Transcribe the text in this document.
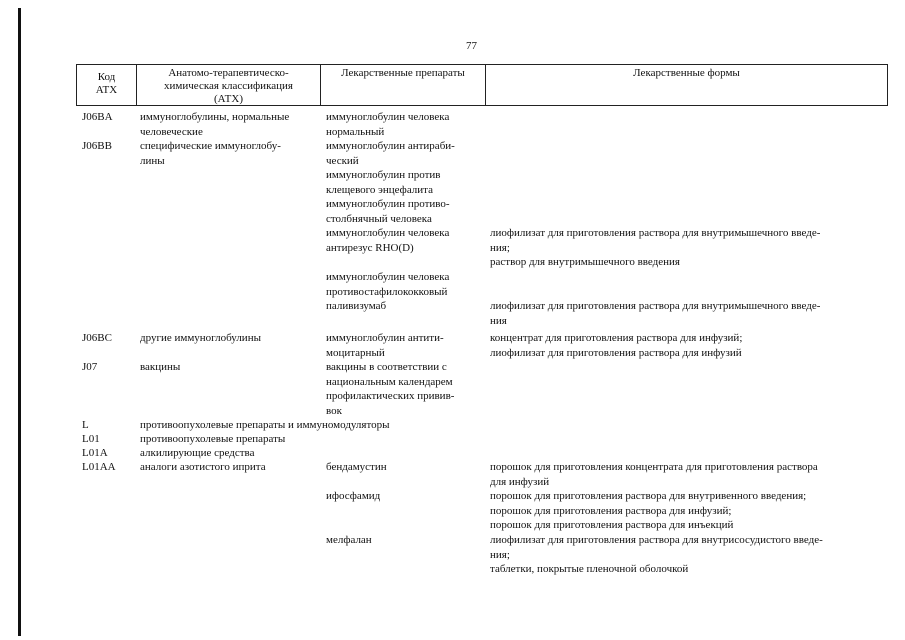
77
Код
ATX
Анатомо-терапевтическо-
химическая классификация
(АТХ)
Лекарственные препараты	Лекарственные формы
J06BA
J06BB
J06BC
J07
L
L01
L01A
L01AA
иммуноглобулины, нормальные
человеческие
специфические иммуноглобу-
лины
другие иммуноглобулины
вакцины
противоопухолевые препараты и иммуномодуляторы
противоопухолевые препараты
алкилирующие средства
аналоги азотистого иприта
иммуноглобулин человека
нормальный
иммуноглобулин антираби-
ческий
иммуноглобулин против
клещевого энцефалита
иммуноглобулин противо-
столбнячный человека
иммуноглобулин человека
антирезус RHO(D)
иммуноглобулин человека
противостафилококковый
паливизумаб
иммуноглобулин антити-
моцитарный
вакцины в соответствии с
национальным календарем
профилактических привив-
вок
бендамустин
ифосфамид
мелфалан
лиофилизат для приготовления раствора для внутримышечного введе-
ния;
раствор для внутримышечного введения
лиофилизат для приготовления раствора для внутримышечного введе-
ния
концентрат для приготовления раствора для инфузий;
лиофилизат для приготовления раствора для инфузий
порошок для приготовления концентрата для приготовления раствора
для инфузий
порошок для приготовления раствора для внутривенного введения;
порошок для приготовления раствора для инфузий;
порошок для приготовления раствора для инъекций
лиофилизат для приготовления раствора для внутрисосудистого введе-
ния;
таблетки, покрытые пленочной оболочкой
